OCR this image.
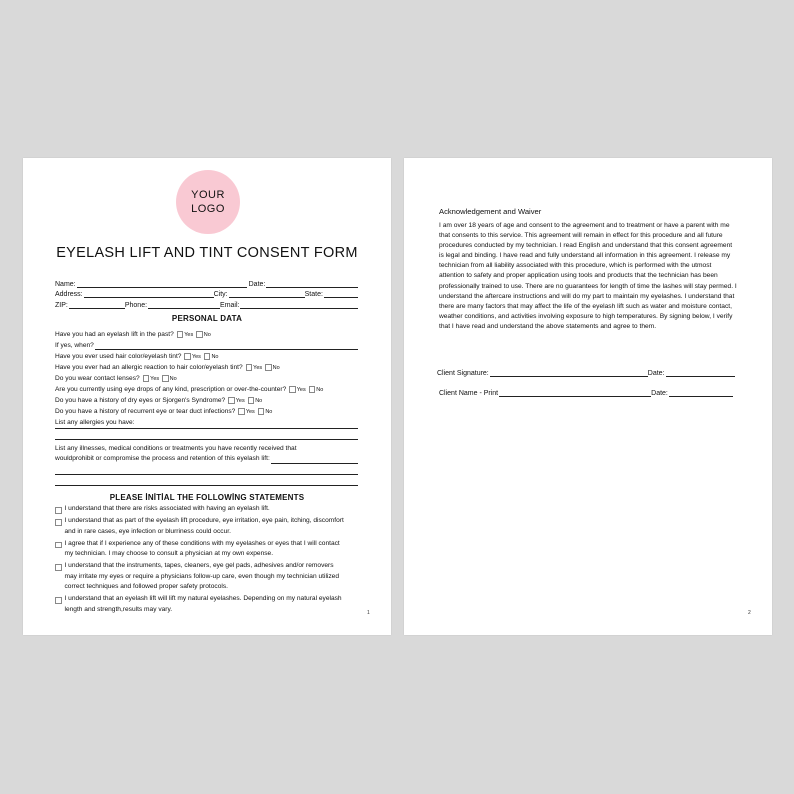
YOUR
LOGO
EYELASH LIFT AND TINT CONSENT FORM
Name:	Date:
Address:	City:	State:
ZIP:	Phone:	Email:
PERSONAL DATA
Have you had an eyelash lift in the past? Yes No
If yes, when?
Have you ever used hair color/eyelash tint? Yes No
Have you ever had an allergic reaction to hair color/eyelash tint? Yes No
Do you wear contact lenses? Yes No
Are you currently using eye drops of any kind, prescription or over-the-counter? Yes No
Do you have a history of dry eyes or Sjorgen's Syndrome? Yes No
Do you have a history of recurrent eye or tear duct infections? Yes No
List any allergies you have:
List any illnesses, medical conditions or treatments you have recently received that
wouldprohibit or compromise the process and retention of this eyelash lift:
PLEASE İNİTİAL THE FOLLOWİNG STATEMENTS
I understand that there are risks associated with having an eyelash lift.
I understand that as part of the eyelash lift procedure, eye irritation, eye pain, itching, discomfort and in rare cases, eye infection or blurriness could occur.
I agree that if I experience any of these conditions with my eyelashes or eyes that I will contact my technician. I may choose to consult a physician at my own expense.
I understand that the instruments, tapes, cleaners, eye gel pads, adhesives and/or removers may irritate my eyes or require a physicians follow-up care, even though my technician utilized correct techniques and followed proper safety protocols.
I understand that an eyelash lift will lift my natural eyelashes. Depending on my natural eyelash length and strength,results may vary.
1
Acknowledgement and Waiver
I am over 18 years of age and consent to the agreement and to treatment or have a parent with me that consents to this service. This agreement will remain in effect for this procedure and all future procedures conducted by my technician. I read English and understand that this consent agreement is legal and binding. I have read and fully understand all information in this agreement. I release my technician from all liability associated with this procedure, which is performed with the utmost attention to safety and proper application using tools and products that the technician has been professionally trained to use. There are no guarantees for length of time the lashes will stay permed. I understand the aftercare instructions and will do my part to maintain my eyelashes. I understand that there are many factors that may affect the life of the eyelash lift such as water and moisture contact, weather conditions, and activities involving exposure to high temperatures. By signing below, I verify that I have read and understand the above statements and agree to them.
Client Signature:	Date:
Client Name - Print	Date:
2
